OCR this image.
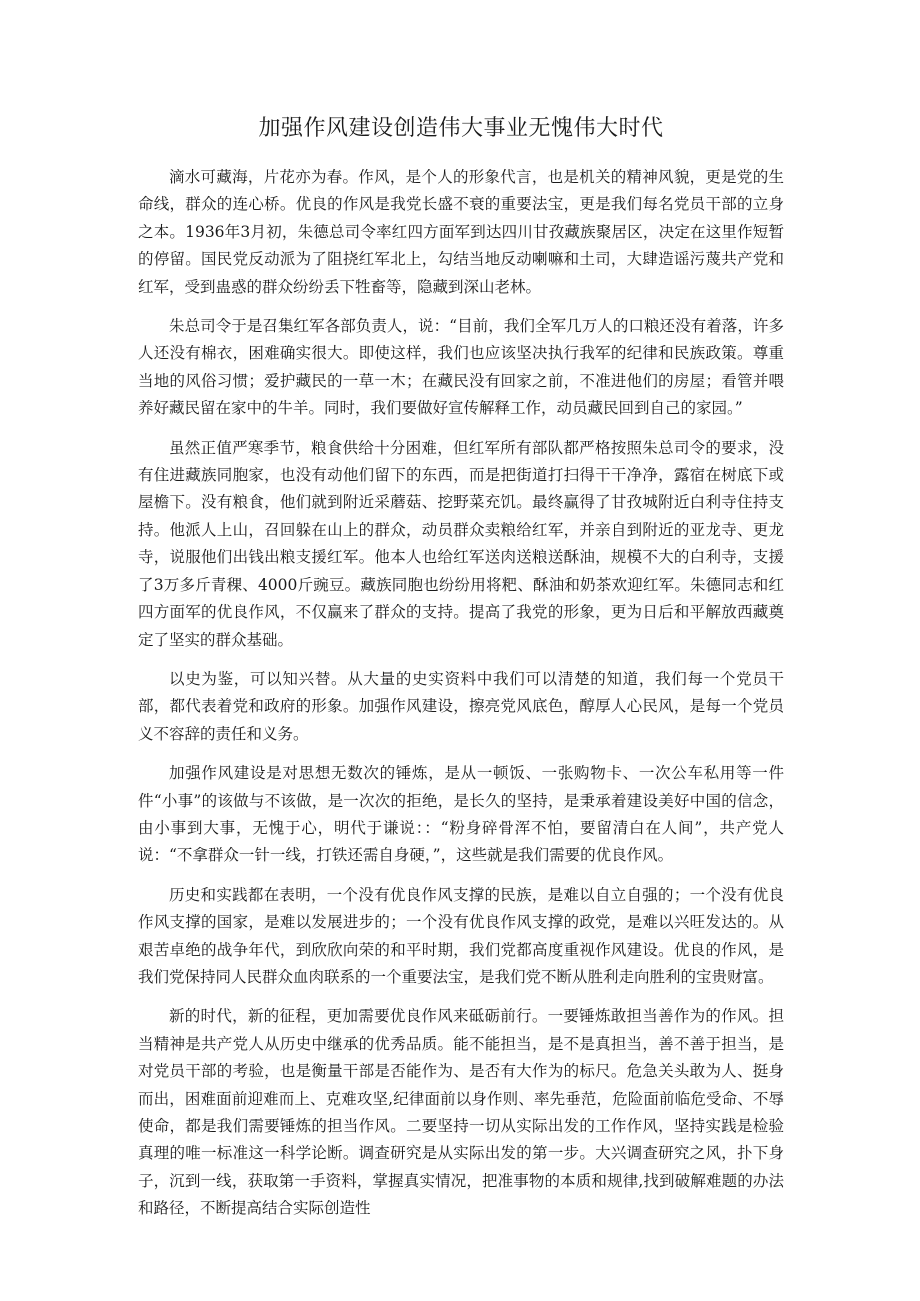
加强作风建设创造伟大事业无愧伟大时代

滴水可藏海，片花亦为春。作风，是个人的形象代言，也是机关的精神风貌，更是党的生命线，群众的连心桥。优良的作风是我党长盛不衰的重要法宝，更是我们每名党员干部的立身之本。1936年3月初，朱德总司令率红四方面军到达四川甘孜藏族聚居区，决定在这里作短暂的停留。国民党反动派为了阻挠红军北上，勾结当地反动喇嘛和土司，大肆造谣污蔑共产党和红军，受到蛊惑的群众纷纷丢下牲畜等，隐藏到深山老林。

朱总司令于是召集红军各部负责人，说：“目前，我们全军几万人的口粮还没有着落，许多人还没有棉衣，困难确实很大。即使这样，我们也应该坚决执行我军的纪律和民族政策。尊重当地的风俗习惯；爱护藏民的一草一木；在藏民没有回家之前，不准进他们的房屋；看管并喂养好藏民留在家中的牛羊。同时，我们要做好宣传解释工作，动员藏民回到自己的家园。”

虽然正值严寒季节，粮食供给十分困难，但红军所有部队都严格按照朱总司令的要求，没有住进藏族同胞家，也没有动他们留下的东西，而是把街道打扫得干干净净，露宿在树底下或屋檐下。没有粮食，他们就到附近采蘑菇、挖野菜充饥。最终赢得了甘孜城附近白利寺住持支持。他派人上山，召回躲在山上的群众，动员群众卖粮给红军，并亲自到附近的亚龙寺、更龙寺，说服他们出钱出粮支援红军。他本人也给红军送肉送粮送酥油，规模不大的白利寺，支援了3万多斤青稞、4000斤豌豆。藏族同胞也纷纷用将粑、酥油和奶茶欢迎红军。朱德同志和红四方面军的优良作风，不仅赢来了群众的支持。提高了我党的形象，更为日后和平解放西藏奠定了坚实的群众基础。

以史为鉴，可以知兴替。从大量的史实资料中我们可以清楚的知道，我们每一个党员干部，都代表着党和政府的形象。加强作风建设，擦亮党风底色，醇厚人心民风，是每一个党员义不容辞的责任和义务。

加强作风建设是对思想无数次的锤炼，是从一顿饭、一张购物卡、一次公车私用等一件件“小事”的该做与不该做，是一次次的拒绝，是长久的坚持，是秉承着建设美好中国的信念，由小事到大事，无愧于心，明代于谦说：：“粉身碎骨浑不怕，要留清白在人间”，共产党人说：“不拿群众一针一线，打铁还需自身硬，”，这些就是我们需要的优良作风。

历史和实践都在表明，一个没有优良作风支撑的民族，是难以自立自强的；一个没有优良作风支撑的国家，是难以发展进步的；一个没有优良作风支撑的政党，是难以兴旺发达的。从艰苦卓绝的战争年代，到欣欣向荣的和平时期，我们党都高度重视作风建设。优良的作风，是我们党保持同人民群众血肉联系的一个重要法宝，是我们党不断从胜利走向胜利的宝贵财富。

新的时代，新的征程，更加需要优良作风来砥砺前行。一要锤炼敢担当善作为的作风。担当精神是共产党人从历史中继承的优秀品质。能不能担当，是不是真担当，善不善于担当，是对党员干部的考验，也是衡量干部是否能作为、是否有大作为的标尺。危急关头敢为人、挺身而出，困难面前迎难而上、克难攻坚,纪律面前以身作则、率先垂范，危险面前临危受命、不辱使命，都是我们需要锤炼的担当作风。二要坚持一切从实际出发的工作作风，坚持实践是检验真理的唯一标准这一科学论断。调查研究是从实际出发的第一步。大兴调查研究之风，扑下身子，沉到一线，获取第一手资料，掌握真实情况，把准事物的本质和规律,找到破解难题的办法和路径，不断提高结合实际创造性
